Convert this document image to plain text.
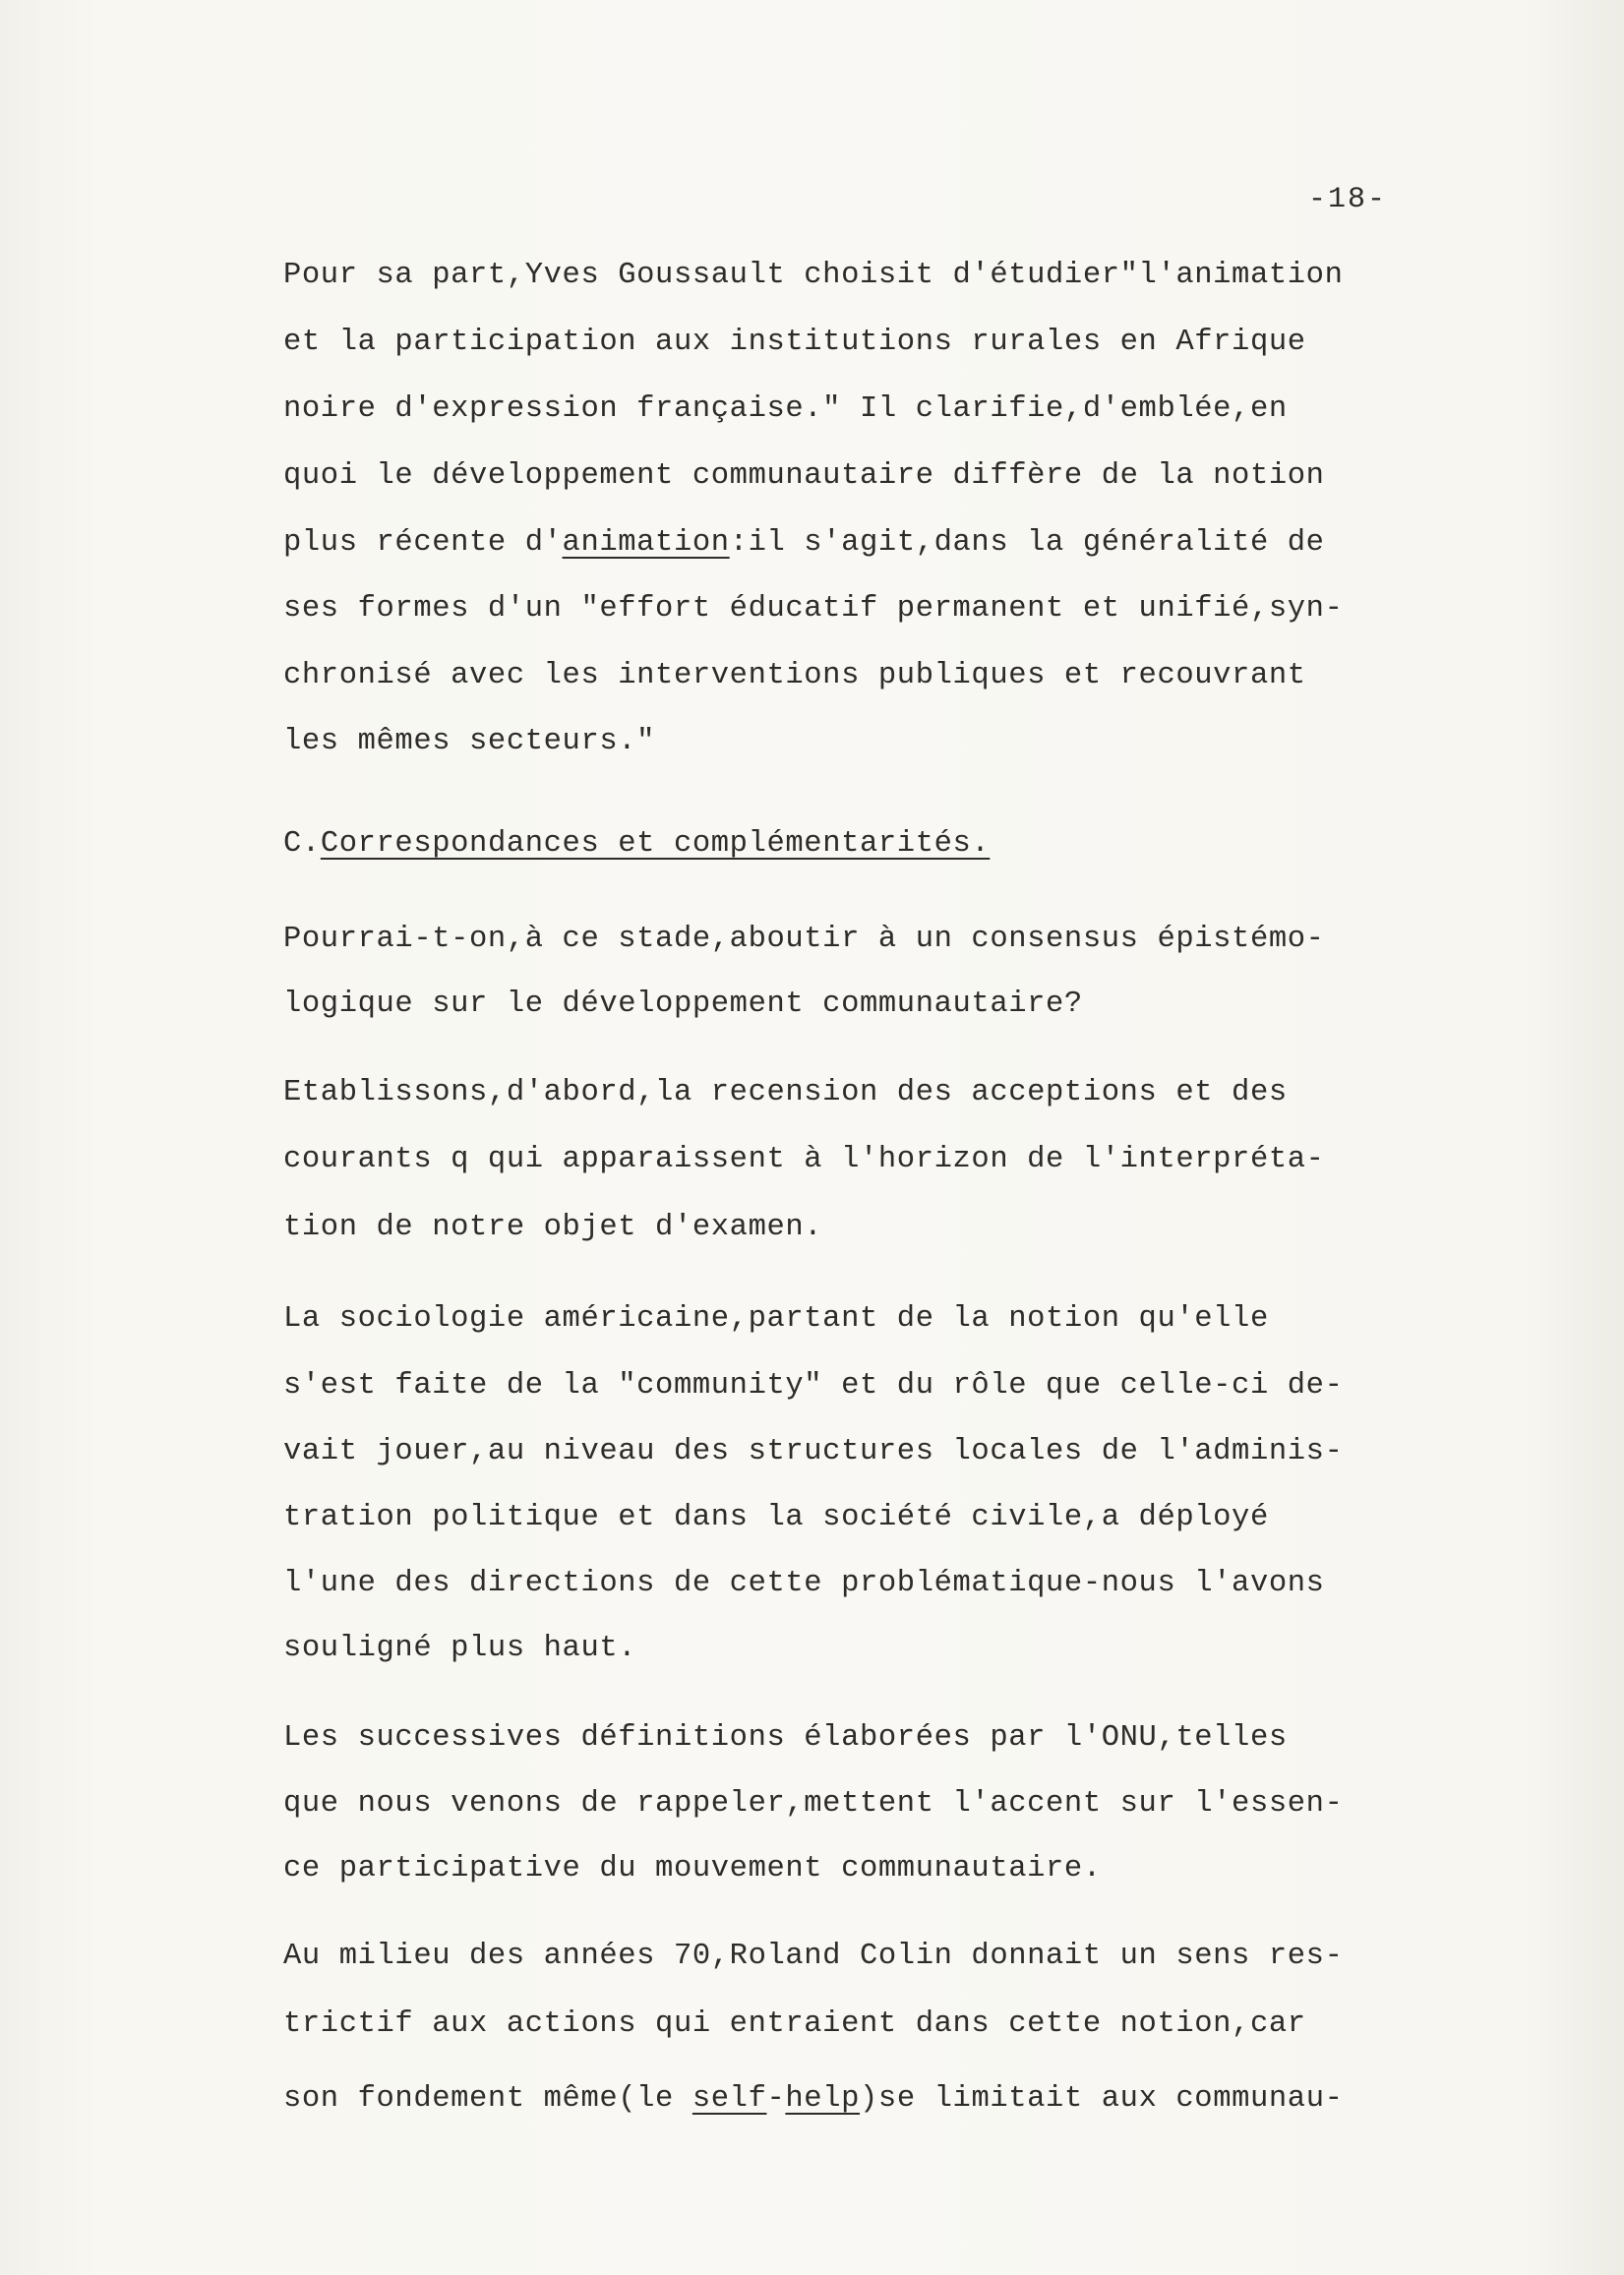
-18-
Pour sa part,Yves Goussault choisit d'étudier"l'animation
et la participation aux institutions rurales en Afrique
noire d'expression française." Il clarifie,d'emblée,en
quoi le développement communautaire diffère de la notion
plus récente d'animation:il s'agit,dans la généralité de
ses formes d'un "effort éducatif permanent et unifié,syn-
chronisé avec les interventions publiques et recouvrant
les mêmes secteurs."
C.Correspondances et complémentarités.
Pourrai-t-on,à ce stade,aboutir à un consensus épistémo-
logique sur le développement communautaire?
Etablissons,d'abord,la recension des acceptions et des
courants q qui apparaissent à l'horizon de l'interpréta-
tion de notre objet d'examen.
La sociologie américaine,partant de la notion qu'elle
s'est faite de la "community" et du rôle que celle-ci de-
vait jouer,au niveau des structures locales de l'adminis-
tration politique et dans la société civile,a déployé
l'une des directions de cette problématique-nous l'avons
souligné plus haut.
Les successives définitions élaborées par l'ONU,telles
que nous venons de rappeler,mettent l'accent sur l'essen-
ce participative du mouvement communautaire.
Au milieu des années 70,Roland Colin donnait un sens res-
trictif aux actions qui entraient dans cette notion,car
son fondement même(le self-help)se limitait aux communau-
